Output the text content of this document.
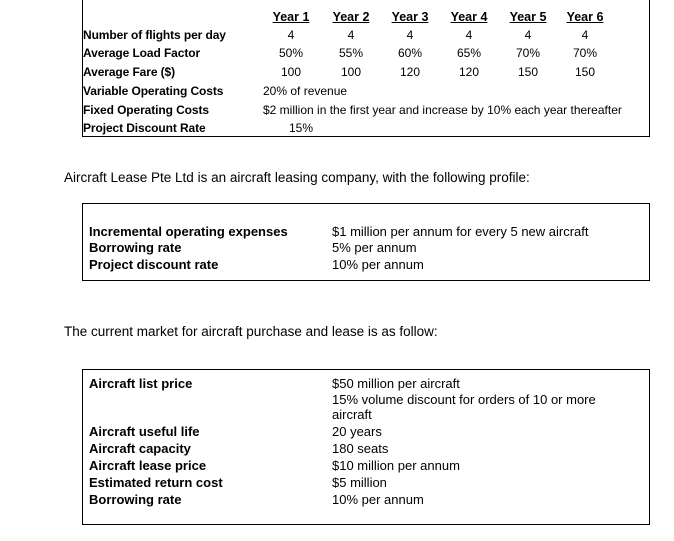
Year 1 Year 2 Year 3 Year 4 Year 5 Year 6
Number of flights per day	4	4	4	4	4	4
Average Load Factor	50%	55%	60%	65%	70%	70%
Average Fare ($)	100	100	120	120	150	150
Variable Operating Costs	20% of revenue
Fixed Operating Costs	$2 million in the first year and increase by 10% each year thereafter
Project Discount Rate	15%
Aircraft Lease Pte Ltd is an aircraft leasing company, with the following profile:
Incremental operating expenses	$1 million per annum for every 5 new aircraft
Borrowing rate	5% per annum
Project discount rate	10% per annum
The current market for aircraft purchase and lease is as follow:
Aircraft list price	$50 million per aircraft
15% volume discount for orders of 10 or more
aircraft
Aircraft useful life	20 years
Aircraft capacity	180 seats
Aircraft lease price	$10 million per annum
Estimated return cost	$5 million
Borrowing rate	10% per annum
